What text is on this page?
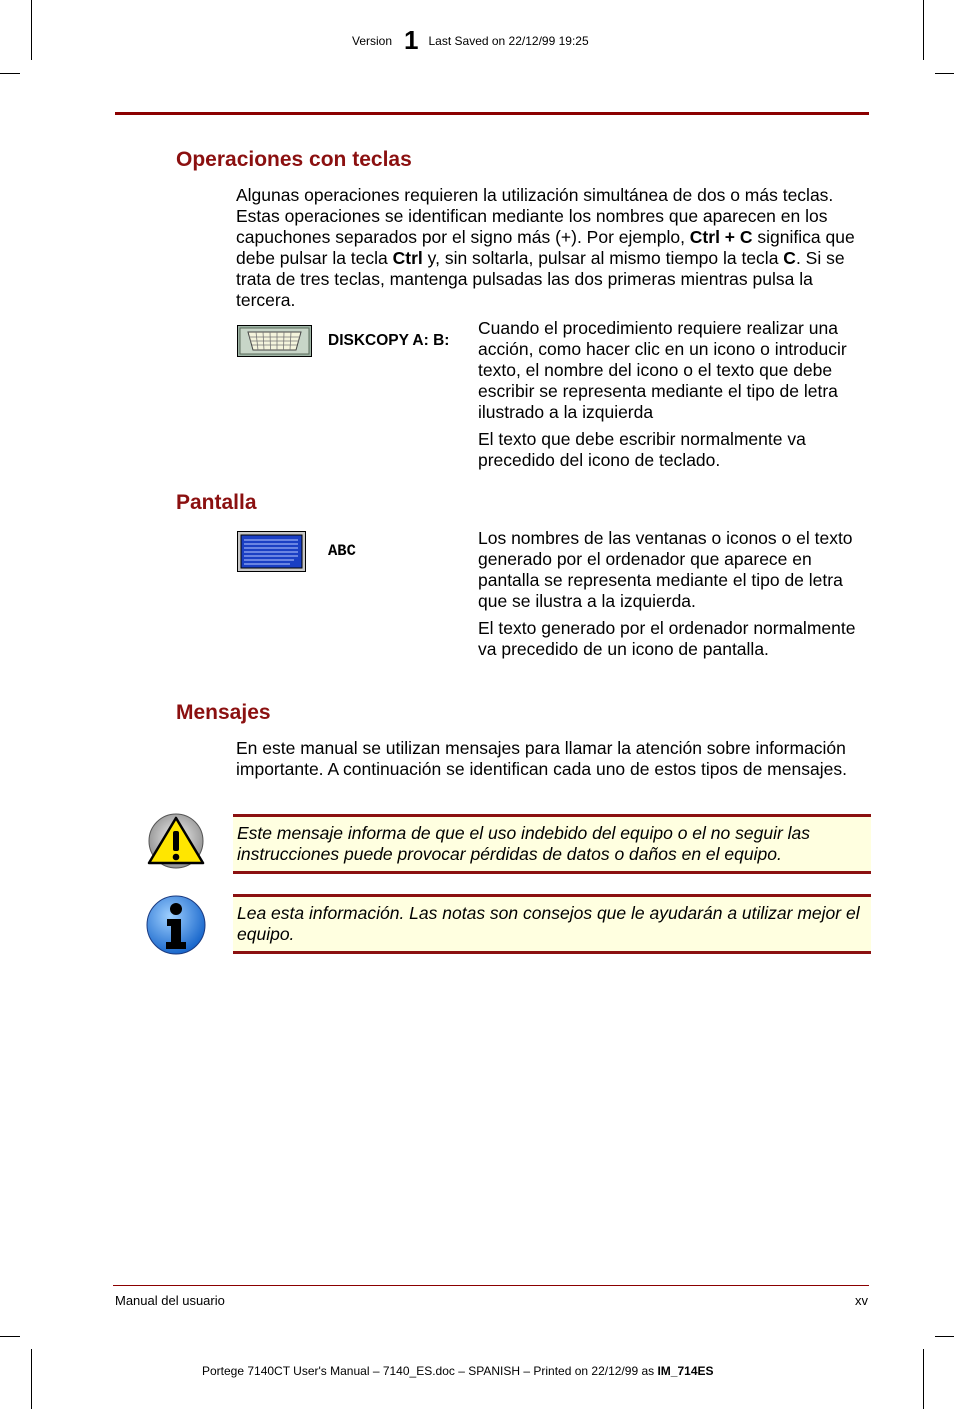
Version 1 Last Saved on 22/12/99 19:25
Operaciones con teclas
Algunas operaciones requieren la utilización simultánea de dos o más teclas. Estas operaciones se identifican mediante los nombres que aparecen en los capuchones separados por el signo más (+). Por ejemplo, Ctrl + C significa que debe pulsar la tecla Ctrl y, sin soltarla, pulsar al mismo tiempo la tecla C. Si se trata de tres teclas, mantenga pulsadas las dos primeras mientras pulsa la tercera.
DISKCOPY A: B:

Cuando el procedimiento requiere realizar una acción, como hacer clic en un icono o introducir texto, el nombre del icono o el texto que debe escribir se representa mediante el tipo de letra ilustrado a la izquierda

El texto que debe escribir normalmente va precedido del icono de teclado.

Pantalla
ABC

Los nombres de las ventanas o iconos o el texto generado por el ordenador que aparece en pantalla se representa mediante el tipo de letra que se ilustra a la izquierda.

El texto generado por el ordenador normalmente va precedido de un icono de pantalla.

Mensajes
En este manual se utilizan mensajes para llamar la atención sobre información importante. A continuación se identifican cada uno de estos tipos de mensajes.
Este mensaje informa de que el uso indebido del equipo o el no seguir las instrucciones puede provocar pérdidas de datos o daños en el equipo.
Lea esta información. Las notas son consejos que le ayudarán a utilizar mejor el equipo.
Manual del usuario	xv
Portege 7140CT User's Manual – 7140_ES.doc – SPANISH – Printed on 22/12/99 as IM_714ES
